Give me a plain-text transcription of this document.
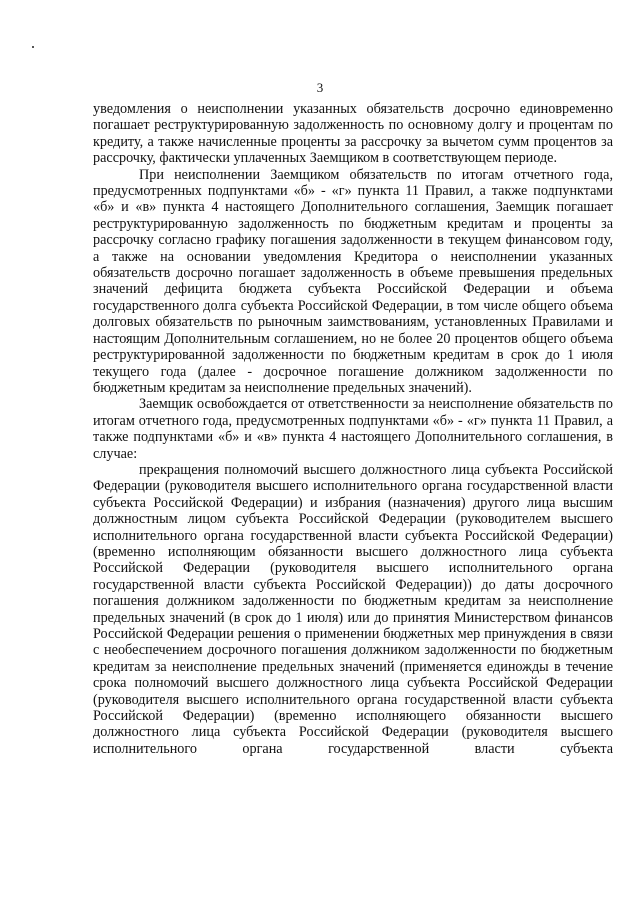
3

уведомления о неисполнении указанных обязательств досрочно единовременно погашает реструктурированную задолженность по основному долгу и процентам по кредиту, а также начисленные проценты за рассрочку за вычетом сумм процентов за рассрочку, фактически уплаченных Заемщиком в соответствующем периоде.

При неисполнении Заемщиком обязательств по итогам отчетного года, предусмотренных подпунктами «б» - «г» пункта 11 Правил, а также подпунктами «б» и «в» пункта 4 настоящего Дополнительного соглашения, Заемщик погашает реструктурированную задолженность по бюджетным кредитам и проценты за рассрочку согласно графику погашения задолженности в текущем финансовом году, а также на основании уведомления Кредитора о неисполнении указанных обязательств досрочно погашает задолженность в объеме превышения предельных значений дефицита бюджета субъекта Российской Федерации и объема государственного долга субъекта Российской Федерации, в том числе общего объема долговых обязательств по рыночным заимствованиям, установленных Правилами и настоящим Дополнительным соглашением, но не более 20 процентов общего объема реструктурированной задолженности по бюджетным кредитам в срок до 1 июля текущего года (далее - досрочное погашение должником задолженности по бюджетным кредитам за неисполнение предельных значений).

Заемщик освобождается от ответственности за неисполнение обязательств по итогам отчетного года, предусмотренных подпунктами «б» - «г» пункта 11 Правил, а также подпунктами «б» и «в» пункта 4 настоящего Дополнительного соглашения, в случае:

прекращения полномочий высшего должностного лица субъекта Российской Федерации (руководителя высшего исполнительного органа государственной власти субъекта Российской Федерации) и избрания (назначения) другого лица высшим должностным лицом субъекта Российской Федерации (руководителем высшего исполнительного органа государственной власти субъекта Российской Федерации) (временно исполняющим обязанности высшего должностного лица субъекта Российской Федерации (руководителя высшего исполнительного органа государственной власти субъекта Российской Федерации)) до даты досрочного погашения должником задолженности по бюджетным кредитам за неисполнение предельных значений (в срок до 1 июля) или до принятия Министерством финансов Российской Федерации решения о применении бюджетных мер принуждения в связи с необеспечением досрочного погашения должником задолженности по бюджетным кредитам за неисполнение предельных значений (применяется единожды в течение срока полномочий высшего должностного лица субъекта Российской Федерации (руководителя высшего исполнительного органа государственной власти субъекта Российской Федерации) (временно исполняющего обязанности высшего должностного лица субъекта Российской Федерации (руководителя высшего исполнительного органа государственной власти субъекта
